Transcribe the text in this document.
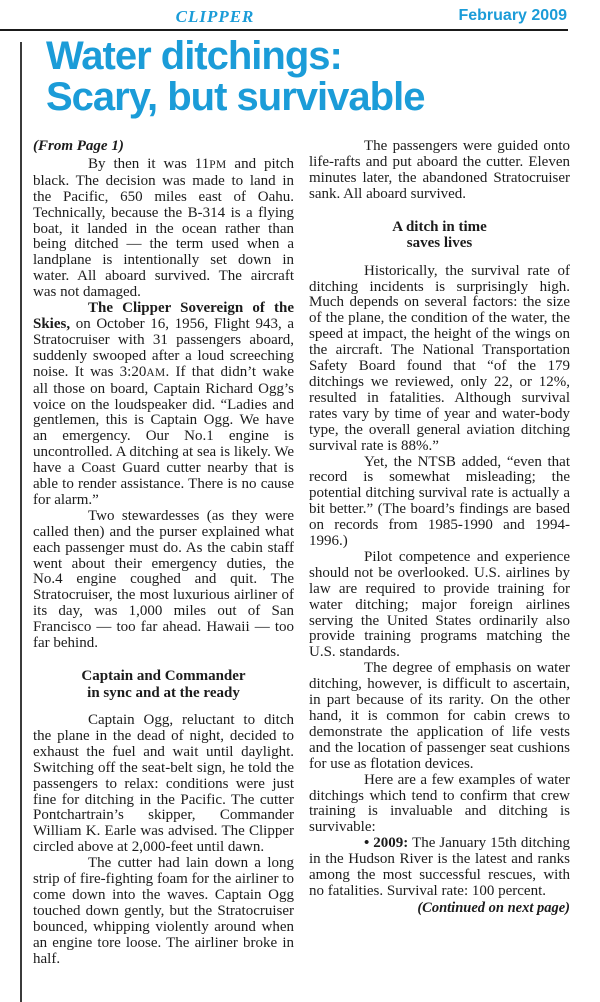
CLIPPER	February 2009
Water ditchings:
Scary, but survivable

(From Page 1)

By then it was 11PM and pitch black. The decision was made to land in the Pacific, 650 miles east of Oahu. Technically, because the B-314 is a flying boat, it landed in the ocean rather than being ditched — the term used when a landplane is intentionally set down in water. All aboard survived. The aircraft was not damaged.

The Clipper Sovereign of the Skies, on October 16, 1956, Flight 943, a Stratocruiser with 31 passengers aboard, suddenly swooped after a loud screeching noise. It was 3:20AM. If that didn’t wake all those on board, Captain Richard Ogg’s voice on the loudspeaker did. “Ladies and gentlemen, this is Captain Ogg. We have an emergency. Our No.1 engine is uncontrolled. A ditching at sea is likely. We have a Coast Guard cutter nearby that is able to render assistance. There is no cause for alarm.”

Two stewardesses (as they were called then) and the purser explained what each passenger must do. As the cabin staff went about their emergency duties, the No.4 engine coughed and quit. The Stratocruiser, the most luxurious airliner of its day, was 1,000 miles out of San Francisco — too far ahead. Hawaii — too far behind.

Captain and Commander
in sync and at the ready

Captain Ogg, reluctant to ditch the plane in the dead of night, decided to exhaust the fuel and wait until daylight. Switching off the seat-belt sign, he told the passengers to relax: conditions were just fine for ditching in the Pacific. The cutter Pontchartrain’s skipper, Commander William K. Earle was advised. The Clipper circled above at 2,000-feet until dawn.

The cutter had lain down a long strip of fire-fighting foam for the airliner to come down into the waves. Captain Ogg touched down gently, but the Stratocruiser bounced, whipping violently around when an engine tore loose. The airliner broke in half.

The passengers were guided onto life-rafts and put aboard the cutter. Eleven minutes later, the abandoned Stratocruiser sank. All aboard survived.

A ditch in time
saves lives

Historically, the survival rate of ditching incidents is surprisingly high. Much depends on several factors: the size of the plane, the condition of the water, the speed at impact, the height of the wings on the aircraft. The National Transportation Safety Board found that “of the 179 ditchings we reviewed, only 22, or 12%, resulted in fatalities. Although survival rates vary by time of year and water-body type, the overall general aviation ditching survival rate is 88%.”

Yet, the NTSB added, “even that record is somewhat misleading; the potential ditching survival rate is actually a bit better.” (The board’s findings are based on records from 1985-1990 and 1994-1996.)

Pilot competence and experience should not be overlooked. U.S. airlines by law are required to provide training for water ditching; major foreign airlines serving the United States ordinarily also provide training programs matching the U.S. standards.

The degree of emphasis on water ditching, however, is difficult to ascertain, in part because of its rarity. On the other hand, it is common for cabin crews to demonstrate the application of life vests and the location of passenger seat cushions for use as flotation devices.

Here are a few examples of water ditchings which tend to confirm that crew training is invaluable and ditching is survivable:

• 2009: The January 15th ditching in the Hudson River is the latest and ranks among the most successful rescues, with no fatalities. Survival rate: 100 percent.

(Continued on next page)
